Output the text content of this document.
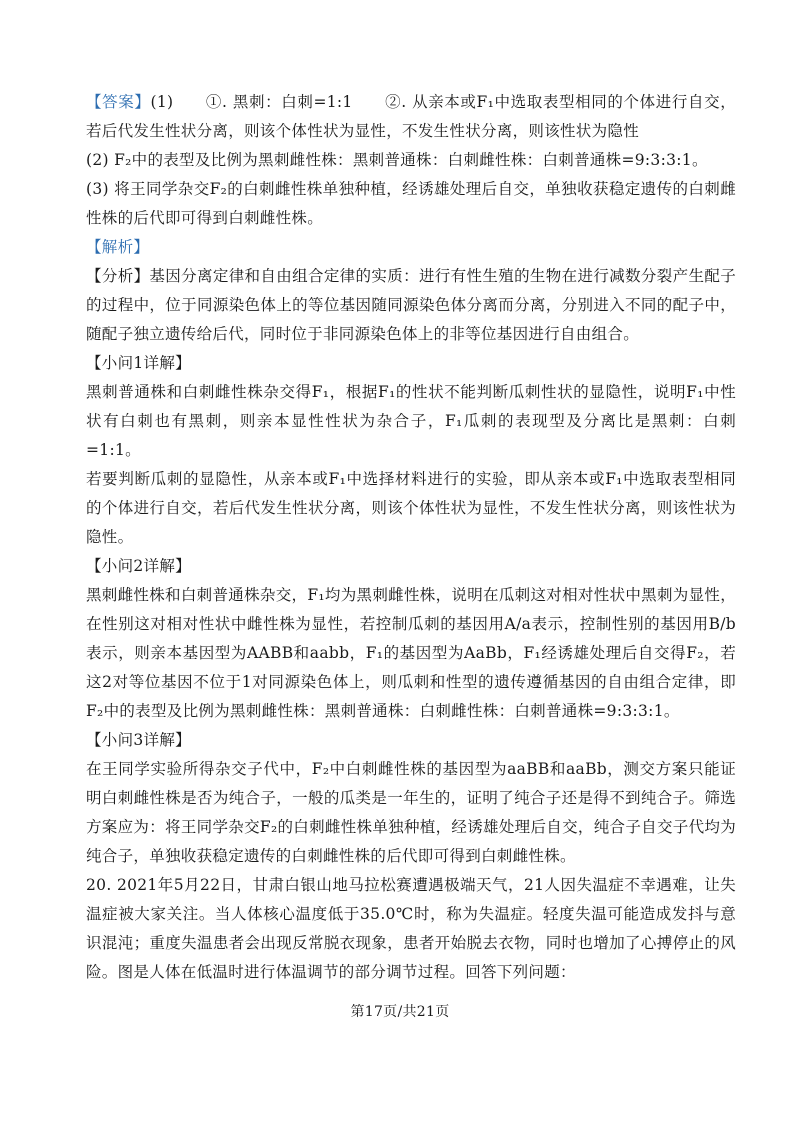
【答案】(1)　　①. 黑刺：白刺=1:1　　②. 从亲本或F₁中选取表型相同的个体进行自交，若后代发生性状分离，则该个体性状为显性，不发生性状分离，则该性状为隐性

(2) F₂中的表型及比例为黑刺雌性株：黑刺普通株：白刺雌性株：白刺普通株=9:3:3:1。

(3) 将王同学杂交F₂的白刺雌性株单独种植，经诱雄处理后自交，单独收获稳定遗传的白刺雌性株的后代即可得到白刺雌性株。

【解析】

【分析】基因分离定律和自由组合定律的实质：进行有性生殖的生物在进行减数分裂产生配子的过程中，位于同源染色体上的等位基因随同源染色体分离而分离，分别进入不同的配子中，随配子独立遗传给后代，同时位于非同源染色体上的非等位基因进行自由组合。

【小问1详解】

黑刺普通株和白刺雌性株杂交得F₁，根据F₁的性状不能判断瓜刺性状的显隐性，说明F₁中性状有白刺也有黑刺，则亲本显性性状为杂合子，F₁瓜刺的表现型及分离比是黑刺：白刺=1:1。

若要判断瓜刺的显隐性，从亲本或F₁中选择材料进行的实验，即从亲本或F₁中选取表型相同的个体进行自交，若后代发生性状分离，则该个体性状为显性，不发生性状分离，则该性状为隐性。

【小问2详解】

黑刺雌性株和白刺普通株杂交，F₁均为黑刺雌性株，说明在瓜刺这对相对性状中黑刺为显性，在性别这对相对性状中雌性株为显性，若控制瓜刺的基因用A/a表示，控制性别的基因用B/b表示，则亲本基因型为AABB和aabb，F₁的基因型为AaBb，F₁经诱雄处理后自交得F₂，若这2对等位基因不位于1对同源染色体上，则瓜刺和性型的遗传遵循基因的自由组合定律，即F₂中的表型及比例为黑刺雌性株：黑刺普通株：白刺雌性株：白刺普通株=9:3:3:1。

【小问3详解】

在王同学实验所得杂交子代中，F₂中白刺雌性株的基因型为aaBB和aaBb，测交方案只能证明白刺雌性株是否为纯合子，一般的瓜类是一年生的，证明了纯合子还是得不到纯合子。筛选方案应为：将王同学杂交F₂的白刺雌性株单独种植，经诱雄处理后自交，纯合子自交子代均为纯合子，单独收获稳定遗传的白刺雌性株的后代即可得到白刺雌性株。

20. 2021年5月22日，甘肃白银山地马拉松赛遭遇极端天气，21人因失温症不幸遇难，让失温症被大家关注。当人体核心温度低于35.0℃时，称为失温症。轻度失温可能造成发抖与意识混沌；重度失温患者会出现反常脱衣现象，患者开始脱去衣物，同时也增加了心搏停止的风险。图是人体在低温时进行体温调节的部分调节过程。回答下列问题：

第17页/共21页
